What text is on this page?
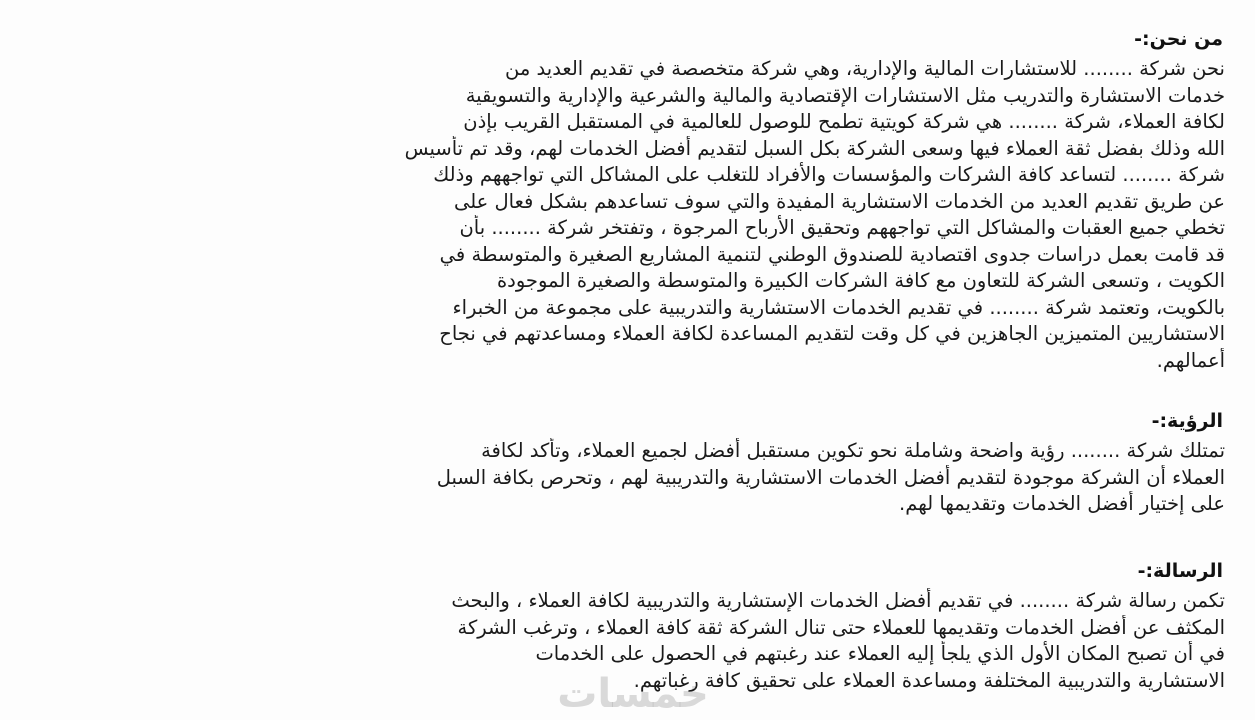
من نحن:-
نحن شركة ........ للاستشارات المالية والإدارية، وهي شركة متخصصة في تقديم العديد من
خدمات الاستشارة والتدريب مثل الاستشارات الإقتصادية والمالية والشرعية والإدارية والتسويقية
لكافة العملاء، شركة ........ هي شركة كويتية تطمح للوصول للعالمية في المستقبل القريب بإذن
الله وذلك بفضل ثقة العملاء فيها وسعى الشركة بكل السبل لتقديم أفضل الخدمات لهم، وقد تم تأسيس
شركة ........ لتساعد كافة الشركات والمؤسسات والأفراد للتغلب على المشاكل التي تواجههم وذلك
عن طريق تقديم العديد من الخدمات الاستشارية المفيدة والتي سوف تساعدهم بشكل فعال على
تخطي جميع العقبات والمشاكل التي تواجههم وتحقيق الأرباح المرجوة ، وتفتخر شركة ........ بأن
قد قامت بعمل دراسات جدوى اقتصادية للصندوق الوطني لتنمية المشاريع الصغيرة والمتوسطة في
الكويت ، وتسعى الشركة للتعاون مع كافة الشركات الكبيرة والمتوسطة والصغيرة الموجودة
بالكويت، وتعتمد شركة ........ في تقديم الخدمات الاستشارية والتدريبية على مجموعة من الخبراء
الاستشاريين المتميزين الجاهزين في كل وقت لتقديم المساعدة لكافة العملاء ومساعدتهم في نجاح
أعمالهم.
الرؤية:-
تمتلك شركة ........ رؤية واضحة وشاملة نحو تكوين مستقبل أفضل لجميع العملاء، وتأكد لكافة
العملاء أن الشركة موجودة لتقديم أفضل الخدمات الاستشارية والتدريبية لهم ، وتحرص بكافة السبل
على إختيار أفضل الخدمات وتقديمها لهم.
الرسالة:-
تكمن رسالة شركة ........ في تقديم أفضل الخدمات الإستشارية والتدريبية لكافة العملاء ، والبحث
المكثف عن أفضل الخدمات وتقديمها للعملاء حتى تنال الشركة ثقة كافة العملاء ، وترغب الشركة
في أن تصبح المكان الأول الذي يلجأ إليه العملاء عند رغبتهم في الحصول على الخدمات
الاستشارية والتدريبية المختلفة ومساعدة العملاء على تحقيق كافة رغباتهم.
خمسات
